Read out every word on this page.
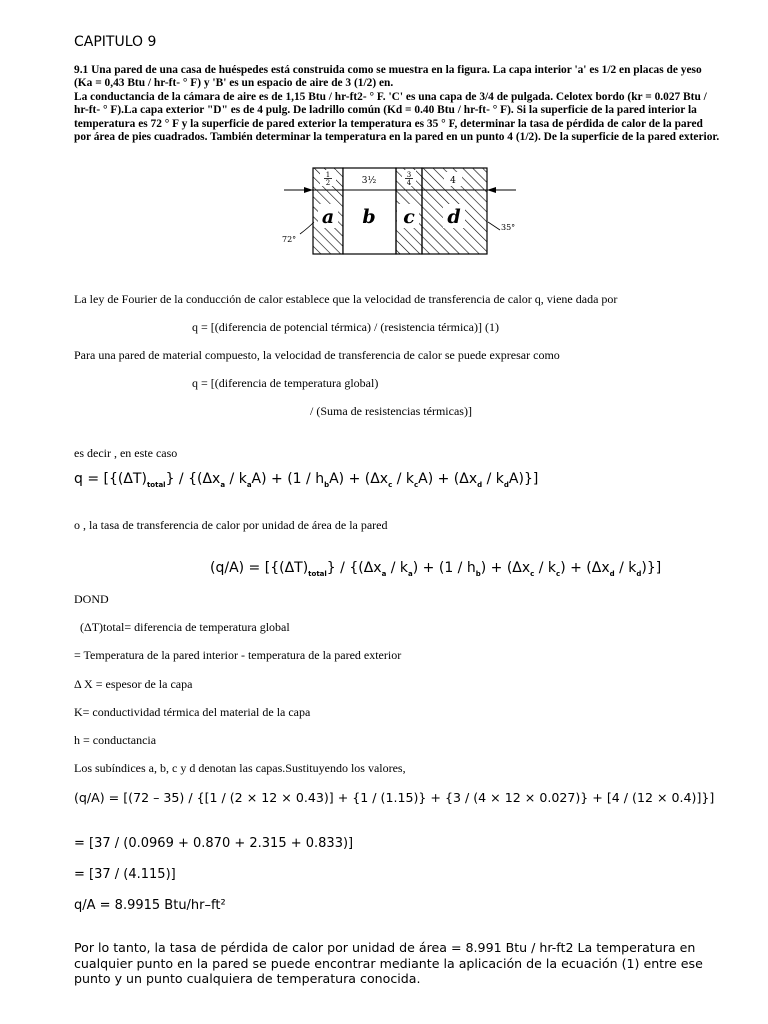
CAPITULO 9
9.1 Una pared de una casa de huéspedes está construida como se muestra en la figura. La capa interior 'a' es 1/2 en placas de yeso (Ka = 0,43 Btu / hr-ft- ° F) y 'B' es un espacio de aire de 3 (1/2) en.
La conductancia de la cámara de aire es de 1,15 Btu / hr-ft2- ° F. 'C' es una capa de 3/4 de pulgada. Celotex bordo (kr = 0.027 Btu / hr-ft- ° F).La capa exterior "D" es de 4 pulg. De ladrillo común (Kd = 0.40 Btu / hr-ft- ° F). Si la superficie de la pared interior la temperatura es 72 ° F y la superficie de pared exterior la temperatura es 35 ° F, determinar la tasa de pérdida de calor de la pared por área de pies cuadrados. También determinar la temperatura en la pared en un punto 4 (1/2). De la superficie de la pared exterior.
1
2	3½
3
4	4
a b c d
72°
35°
La ley de Fourier de la conducción de calor establece que la velocidad de transferencia de calor q, viene dada por
q = [(diferencia de potencial térmica) / (resistencia térmica)] (1)
Para una pared de material compuesto, la velocidad de transferencia de calor se puede expresar como
q = [(diferencia de temperatura global)
/ (Suma de resistencias térmicas)]
es decir , en este caso
$q = [\{(\Delta T)_{total}\} / \{(\Delta x_a / k_aA) + (1 / h_bA) + (\Delta x_c / k_cA) + (\Delta x_d / k_dA)\}]$
o , la tasa de transferencia de calor por unidad de área de la pared
$(q/A) = [\{(\Delta T)_{total}\} / \{(\Delta x_a / k_a) + (1 / h_b) + (\Delta x_c / k_c) + (\Delta x_d / k_d)\}]$
DOND
(ΔT)total= diferencia de temperatura global
= Temperatura de la pared interior - temperatura de la pared exterior
Δ X = espesor de la capa
K= conductividad térmica del material de la capa
h = conductancia
Los subíndices a, b, c y d denotan las capas.Sustituyendo los valores,
(q/A) = [(72 – 35) / {[1 / (2 × 12 × 0.43)] + {1 / (1.15)} + {3 / (4 × 12 × 0.027)} + [4 / (12 × 0.4)]}]
= [37 / (0.0969 + 0.870 + 2.315 + 0.833)]
= [37 / (4.115)]
q/A = 8.9915 Btu/hr–ft²
Por lo tanto, la tasa de pérdida de calor por unidad de área = 8.991 Btu / hr-ft2 La temperatura en cualquier punto en la pared se puede encontrar mediante la aplicación de la ecuación (1) entre ese punto y un punto cualquiera de temperatura conocida.
